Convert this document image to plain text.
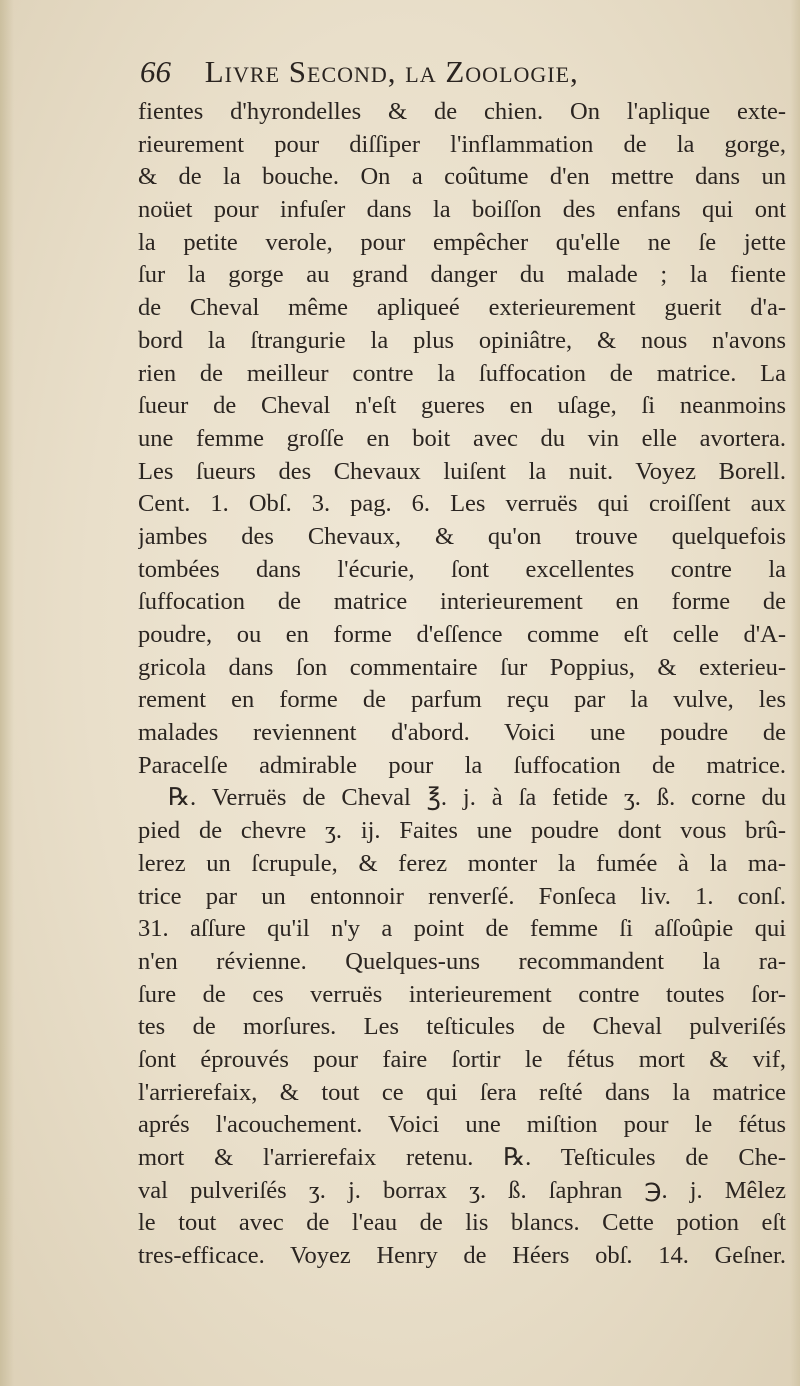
66 Livre Second, la Zoologie,
fientes d'hyrondelles & de chien. On l'aplique exte-
rieurement pour diſſiper l'inflammation de la gorge,
& de la bouche. On a coûtume d'en mettre dans un
noüet pour infuſer dans la boiſſon des enfans qui ont
la petite verole, pour empêcher qu'elle ne ſe jette
ſur la gorge au grand danger du malade ; la fiente
de Cheval même apliqueé exterieurement guerit d'a-
bord la ſtrangurie la plus opiniâtre, & nous n'avons
rien de meilleur contre la ſuffocation de matrice. La
ſueur de Cheval n'eſt gueres en uſage, ſi neanmoins
une femme groſſe en boit avec du vin elle avortera.
Les ſueurs des Chevaux luiſent la nuit. Voyez Borell.
Cent. 1. Obſ. 3. pag. 6. Les verruës qui croiſſent aux
jambes des Chevaux, & qu'on trouve quelquefois
tombées dans l'écurie, ſont excellentes contre la
ſuffocation de matrice interieurement en forme de
poudre, ou en forme d'eſſence comme eſt celle d'A-
gricola dans ſon commentaire ſur Poppius, & exterieu-
rement en forme de parfum reçu par la vulve, les
malades reviennent d'abord. Voici une poudre de
Paracelſe admirable pour la ſuffocation de matrice.
℞. Verruës de Cheval ℥. j. à ſa fetide ʒ. ß. corne du
pied de chevre ʒ. ij. Faites une poudre dont vous brû-
lerez un ſcrupule, & ferez monter la fumée à la ma-
trice par un entonnoir renverſé. Fonſeca liv. 1. conſ.
31. aſſure qu'il n'y a point de femme ſi aſſoûpie qui
n'en révienne. Quelques-uns recommandent la ra-
ſure de ces verruës interieurement contre toutes ſor-
tes de morſures. Les teſticules de Cheval pulveriſés
ſont éprouvés pour faire ſortir le fétus mort & vif,
l'arrierefaix, & tout ce qui ſera reſté dans la matrice
aprés l'acouchement. Voici une miſtion pour le fétus
mort & l'arrierefaix retenu. ℞. Teſticules de Che-
val pulveriſés ʒ. j. borrax ʒ. ß. ſaphran ℈. j. Mêlez
le tout avec de l'eau de lis blancs. Cette potion eſt
tres-efficace. Voyez Henry de Héers obſ. 14. Geſner.
